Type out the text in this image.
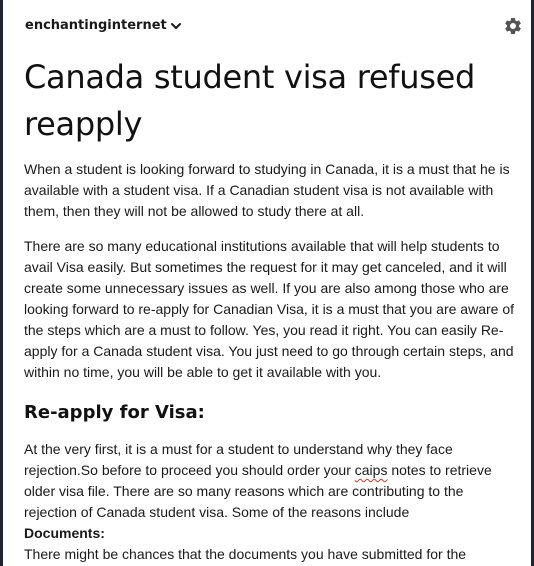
enchantinginternet
Canada student visa refused reapply

When a student is looking forward to studying in Canada, it is a must that he is available with a student visa. If a Canadian student visa is not available with them, then they will not be allowed to study there at all.

There are so many educational institutions available that will help students to avail Visa easily. But sometimes the request for it may get canceled, and it will create some unnecessary issues as well. If you are also among those who are looking forward to re-apply for Canadian Visa, it is a must that you are aware of the steps which are a must to follow. Yes, you read it right. You can easily Re-apply for a Canada student visa. You just need to go through certain steps, and within no time, you will be able to get it available with you.

Re-apply for Visa:

At the very first, it is a must for a student to understand why they face rejection.So before to proceed you should order your caips notes to retrieve older visa file. There are so many reasons which are contributing to the rejection of Canada student visa. Some of the reasons include

Documents:

There might be chances that the documents you have submitted for the
